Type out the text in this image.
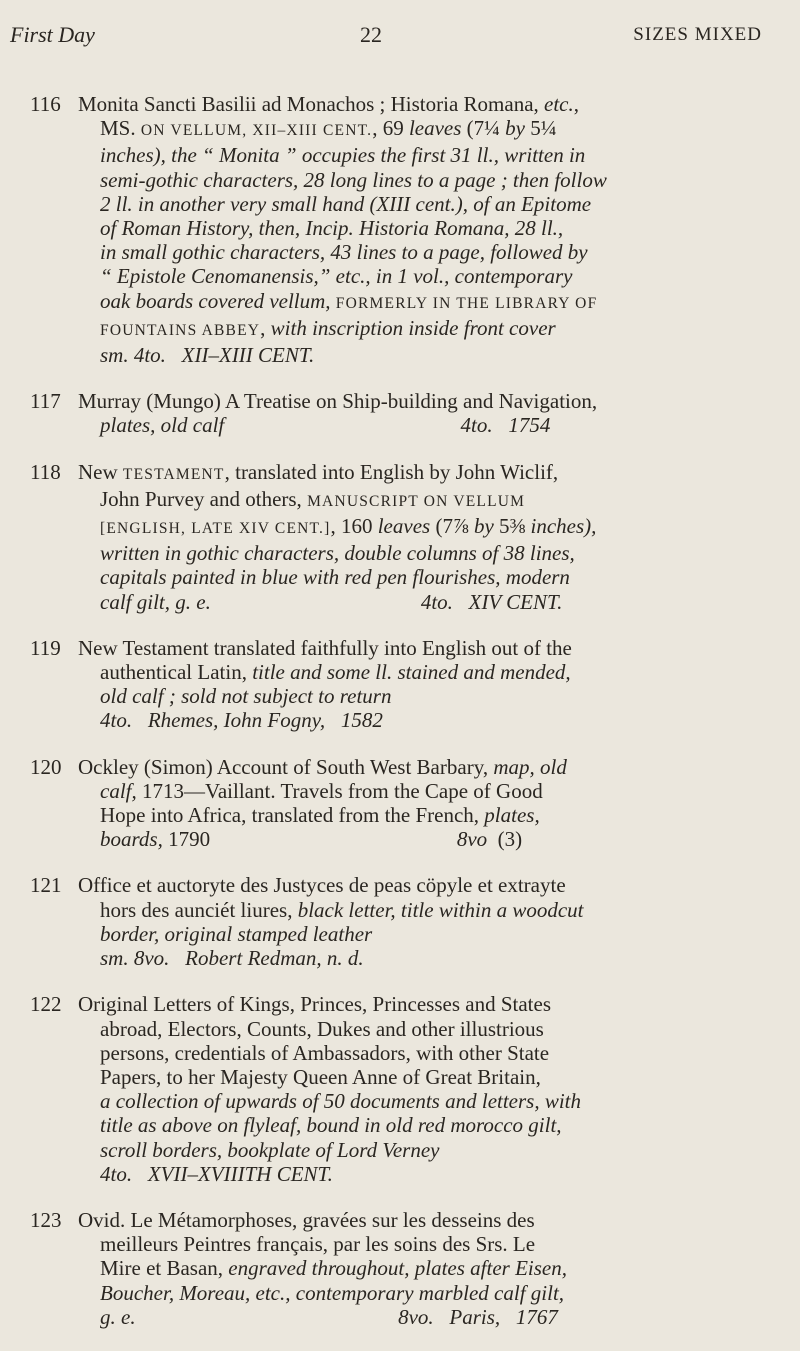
First Day	22	SIZES MIXED
116 Monita Sancti Basilii ad Monachos ; Historia Romana, etc.,
MS. ON VELLUM, XII–XIII CENT., 69 leaves (7¼ by 5¼
inches), the “ Monita ” occupies the first 31 ll., written in
semi-gothic characters, 28 long lines to a page ; then follow
2 ll. in another very small hand (XIII cent.), of an Epitome
of Roman History, then, Incip. Historia Romana, 28 ll.,
in small gothic characters, 43 lines to a page, followed by
“ Epistole Cenomanensis,” etc., in 1 vol., contemporary
oak boards covered vellum, FORMERLY IN THE LIBRARY OF
FOUNTAINS ABBEY, with inscription inside front cover
sm. 4to.   XII–XIII CENT.
117 Murray (Mungo) A Treatise on Ship-building and Navigation,
plates, old calf                                             4to.   1754
118 New TESTAMENT, translated into English by John Wiclif,
John Purvey and others, MANUSCRIPT ON VELLUM
[ENGLISH, LATE XIV CENT.], 160 leaves (7⅞ by 5⅜ inches),
written in gothic characters, double columns of 38 lines,
capitals painted in blue with red pen flourishes, modern
calf gilt, g. e.                                        4to.   XIV CENT.
119 New Testament translated faithfully into English out of the
authentical Latin, title and some ll. stained and mended,
old calf ; sold not subject to return
4to.   Rhemes, Iohn Fogny,   1582
120 Ockley (Simon) Account of South West Barbary, map, old
calf, 1713—Vaillant. Travels from the Cape of Good
Hope into Africa, translated from the French, plates,
boards, 1790                                               8vo  (3)
121 Office et auctoryte des Justyces de peas cöpyle et extrayte
hors des aunciét liures, black letter, title within a woodcut
border, original stamped leather
sm. 8vo.   Robert Redman, n. d.
122 Original Letters of Kings, Princes, Princesses and States
abroad, Electors, Counts, Dukes and other illustrious
persons, credentials of Ambassadors, with other State
Papers, to her Majesty Queen Anne of Great Britain,
a collection of upwards of 50 documents and letters, with
title as above on flyleaf, bound in old red morocco gilt,
scroll borders, bookplate of Lord Verney
4to.   XVII–XVIIITH CENT.
123 Ovid. Le Métamorphoses, gravées sur les desseins des
meilleurs Peintres français, par les soins des Srs. Le
Mire et Basan, engraved throughout, plates after Eisen,
Boucher, Moreau, etc., contemporary marbled calf gilt,
g. e.                                                  8vo.   Paris,   1767
